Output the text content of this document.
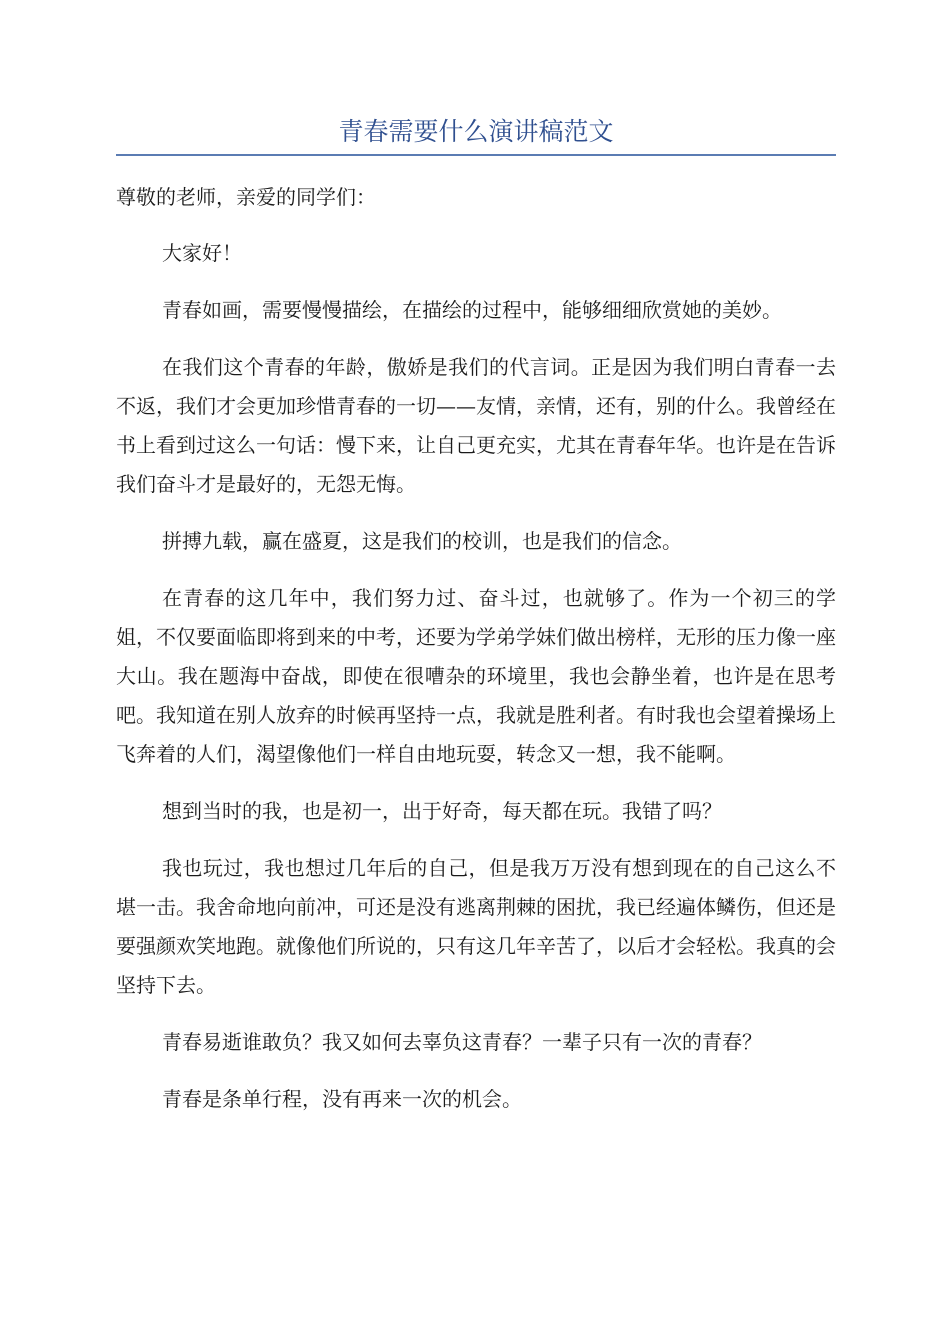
青春需要什么演讲稿范文

尊敬的老师，亲爱的同学们：

大家好！

青春如画，需要慢慢描绘，在描绘的过程中，能够细细欣赏她的美妙。

在我们这个青春的年龄，傲娇是我们的代言词。正是因为我们明白青春一去不返，我们才会更加珍惜青春的一切——友情，亲情，还有，别的什么。我曾经在书上看到过这么一句话：慢下来，让自己更充实，尤其在青春年华。也许是在告诉我们奋斗才是最好的，无怨无悔。

拼搏九载，赢在盛夏，这是我们的校训，也是我们的信念。

在青春的这几年中，我们努力过、奋斗过，也就够了。作为一个初三的学姐，不仅要面临即将到来的中考，还要为学弟学妹们做出榜样，无形的压力像一座大山。我在题海中奋战，即使在很嘈杂的环境里，我也会静坐着，也许是在思考吧。我知道在别人放弃的时候再坚持一点，我就是胜利者。有时我也会望着操场上飞奔着的人们，渴望像他们一样自由地玩耍，转念又一想，我不能啊。

想到当时的我，也是初一，出于好奇，每天都在玩。我错了吗？

我也玩过，我也想过几年后的自己，但是我万万没有想到现在的自己这么不堪一击。我舍命地向前冲，可还是没有逃离荆棘的困扰，我已经遍体鳞伤，但还是要强颜欢笑地跑。就像他们所说的，只有这几年辛苦了，以后才会轻松。我真的会坚持下去。

青春易逝谁敢负？我又如何去辜负这青春？一辈子只有一次的青春？

青春是条单行程，没有再来一次的机会。
